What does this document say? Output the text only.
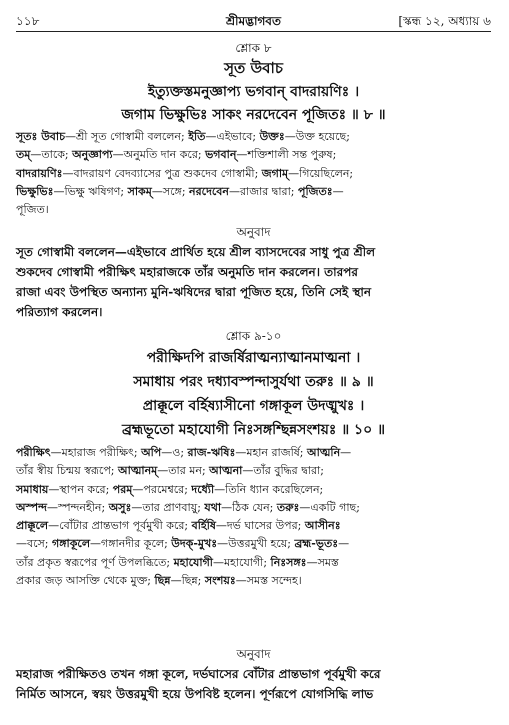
১১৮	শ্রীমদ্ভাগবত	[স্কন্ধ ১২, অধ্যায় ৬
শ্লোক ৮
সূত উবাচ
ইত্যুক্তস্তমনুজ্ঞাপ্য ভগবান্ বাদরায়ণিঃ ।
জগাম ভিক্ষুভিঃ সাকং নরদেবেন পূজিতঃ ॥ ৮ ॥
সূতঃ উবাচ—শ্রী সূত গোস্বামী বললেন; ইতি—এইভাবে; উক্তঃ—উক্ত হয়েছে;
তম্—তাকে; অনুজ্ঞাপ্য—অনুমতি দান করে; ভগবান্—শক্তিশালী সন্ত পুরুষ;
বাদরায়ণিঃ—বাদরায়ণ বেদব্যাসের পুত্র শুকদেব গোস্বামী; জগাম্—গিয়েছিলেন;
ভিক্ষুভিঃ—ভিক্ষু ঋষিগণ; সাকম্—সঙ্গে; নরদেবেন—রাজার দ্বারা; পূজিতঃ—
পূজিত।
অনুবাদ
সূত গোস্বামী বললেন—এইভাবে প্রার্থিত হয়ে শ্রীল ব্যাসদেবের সাধু পুত্র শ্রীল
শুকদেব গোস্বামী পরীক্ষিৎ মহারাজকে তাঁর অনুমতি দান করলেন। তারপর
রাজা এবং উপস্থিত অন্যান্য মুনি-ঋষিদের দ্বারা পূজিত হয়ে, তিনি সেই স্থান
পরিত্যাগ করলেন।
শ্লোক ৯-১০
পরীক্ষিদপি রাজর্ষিরাত্মন্যাত্মানমাত্মনা ।
সমাধায় পরং দধ্যাবস্পন্দাসুর্যথা তরুঃ ॥ ৯ ॥
প্রাক্কূলে বর্হিষ্যাসীনো গঙ্গাকূল উদঙ্মুখঃ ।
ব্রহ্মভূতো মহাযোগী নিঃসঙ্গশ্ছিন্নসংশয়ঃ ॥ ১০ ॥
পরীক্ষিৎ—মহারাজ পরীক্ষিৎ; অপি—ও; রাজ-ঋষিঃ—মহান রাজর্ষি; আত্মনি—
তাঁর স্বীয় চিন্ময় স্বরূপে; আত্মানম্—তার মন; আত্মনা—তাঁর বুদ্ধির দ্বারা;
সমাধায়—স্থাপন করে; পরম্—পরমেশ্বরে; দধ্যৌ—তিনি ধ্যান করেছিলেন;
অস্পন্দ—স্পন্দনহীন; অসুঃ—তার প্রাণবায়ু; যথা—ঠিক যেন; তরুঃ—একটি গাছ;
প্রাক্কূলে—বোঁটার প্রান্তভাগ পূর্বমুখী করে; বর্হিষি—দর্ভ ঘাসের উপর; আসীনঃ
—বসে; গঙ্গাকূলে—গঙ্গানদীর কূলে; উদক্-মুখঃ—উত্তরমুখী হয়ে; ব্রহ্ম-ভূতঃ—
তাঁর প্রকৃত স্বরূপের পূর্ণ উপলব্ধিতে; মহাযোগী—মহাযোগী; নিঃসঙ্গঃ—সমস্ত
প্রকার জড় আসক্তি থেকে মুক্ত; ছিন্ন—ছিন্ন; সংশয়ঃ—সমস্ত সন্দেহ।
অনুবাদ
মহারাজ পরীক্ষিতও তখন গঙ্গা কূলে, দর্ভঘাসের বোঁটার প্রান্তভাগ পূর্বমুখী করে
নির্মিত আসনে, স্বয়ং উত্তরমুখী হয়ে উপবিষ্ট হলেন। পূর্ণরূপে যোগসিদ্ধি লাভ
